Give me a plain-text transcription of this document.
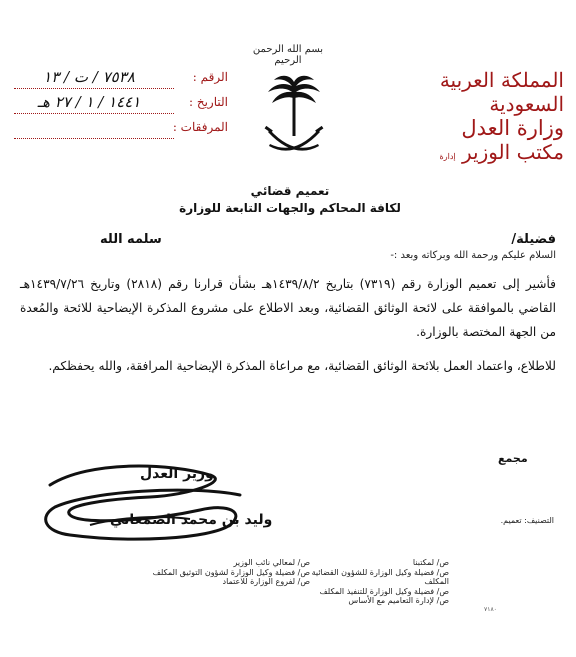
بسم الله الرحمن الرحيم
المملكة العربية السعودية
وزارة العدل
مكتب الوزير إدارة
الرقم :
٧٥٣٨ / ت / ١٣
التاريخ :
١٤٤١ / ١ / ٢٧ هـ
المرفقات :
تعميم قضائي
لكافة المحاكم والجهات التابعة للوزارة
فضيلة/
سلمه الله
السلام عليكم ورحمة الله وبركاته وبعد :-

فأشير إلى تعميم الوزارة رقم (٧٣١٩) بتاريخ ١٤٣٩/٨/٢هـ بشأن قرارنا رقم (٢٨١٨) وتاريخ ١٤٣٩/٧/٢٦هـ القاضي بالموافقة على لائحة الوثائق القضائية، وبعد الاطلاع على مشروع المذكرة الإيضاحية للائحة والمُعدة من الجهة المختصة بالوزارة.

للاطلاع، واعتماد العمل بلائحة الوثائق القضائية، مع مراعاة المذكرة الإيضاحية المرافقة، والله يحفظكم.

وزير العدل
وليد بن محمد الصمعاني
مجمع
التصنيف: تعميم.
ص/ لمكتبنا
ص/ فضيلة وكيل الوزارة للشؤون القضائية المكلف
ص/ فضيلة وكيل الوزارة للتنفيذ المكلف
ص/ لإدارة التعاميم مع الأساس
ص/ لمعالي نائب الوزير
ص/ فضيلة وكيل الوزارة لشؤون التوثيق المكلف
ص/ لفروع الوزارة للاعتماد
٧١٨٠
